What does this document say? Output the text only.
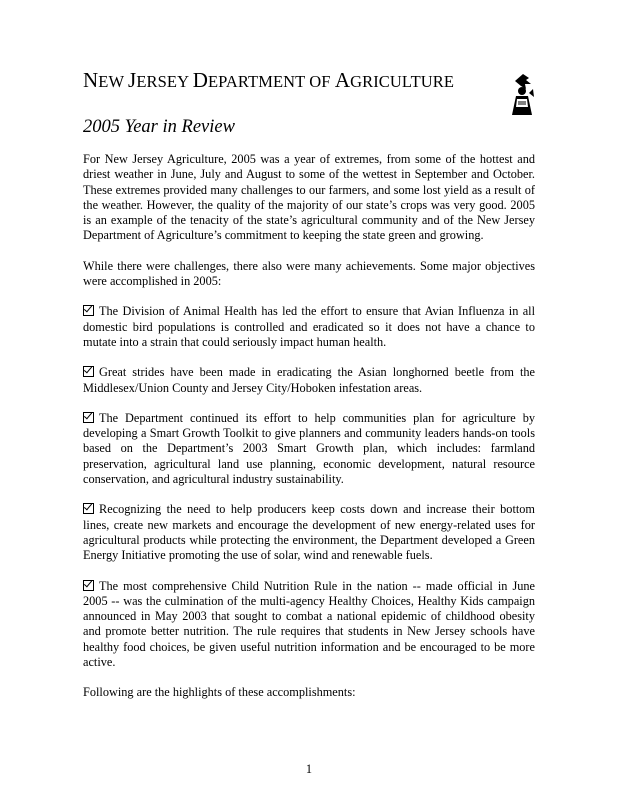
NEW JERSEY DEPARTMENT OF AGRICULTURE
2005 Year in Review

For New Jersey Agriculture, 2005 was a year of extremes, from some of the hottest and driest weather in June, July and August to some of the wettest in September and October. These extremes provided many challenges to our farmers, and some lost yield as a result of the weather. However, the quality of the majority of our state’s crops was very good. 2005 is an example of the tenacity of the state’s agricultural community and of the New Jersey Department of Agriculture’s commitment to keeping the state green and growing.

While there were challenges, there also were many achievements. Some major objectives were accomplished in 2005:

The Division of Animal Health has led the effort to ensure that Avian Influenza in all domestic bird populations is controlled and eradicated so it does not have a chance to mutate into a strain that could seriously impact human health.

Great strides have been made in eradicating the Asian longhorned beetle from the Middlesex/Union County and Jersey City/Hoboken infestation areas.

The Department continued its effort to help communities plan for agriculture by developing a Smart Growth Toolkit to give planners and community leaders hands-on tools based on the Department’s 2003 Smart Growth plan, which includes: farmland preservation, agricultural land use planning, economic development, natural resource conservation, and agricultural industry sustainability.

Recognizing the need to help producers keep costs down and increase their bottom lines, create new markets and encourage the development of new energy-related uses for agricultural products while protecting the environment, the Department developed a Green Energy Initiative promoting the use of solar, wind and renewable fuels.

The most comprehensive Child Nutrition Rule in the nation -- made official in June 2005 -- was the culmination of the multi-agency Healthy Choices, Healthy Kids campaign announced in May 2003 that sought to combat a national epidemic of childhood obesity and promote better nutrition. The rule requires that students in New Jersey schools have healthy food choices, be given useful nutrition information and be encouraged to be more active.

Following are the highlights of these accomplishments:

1
